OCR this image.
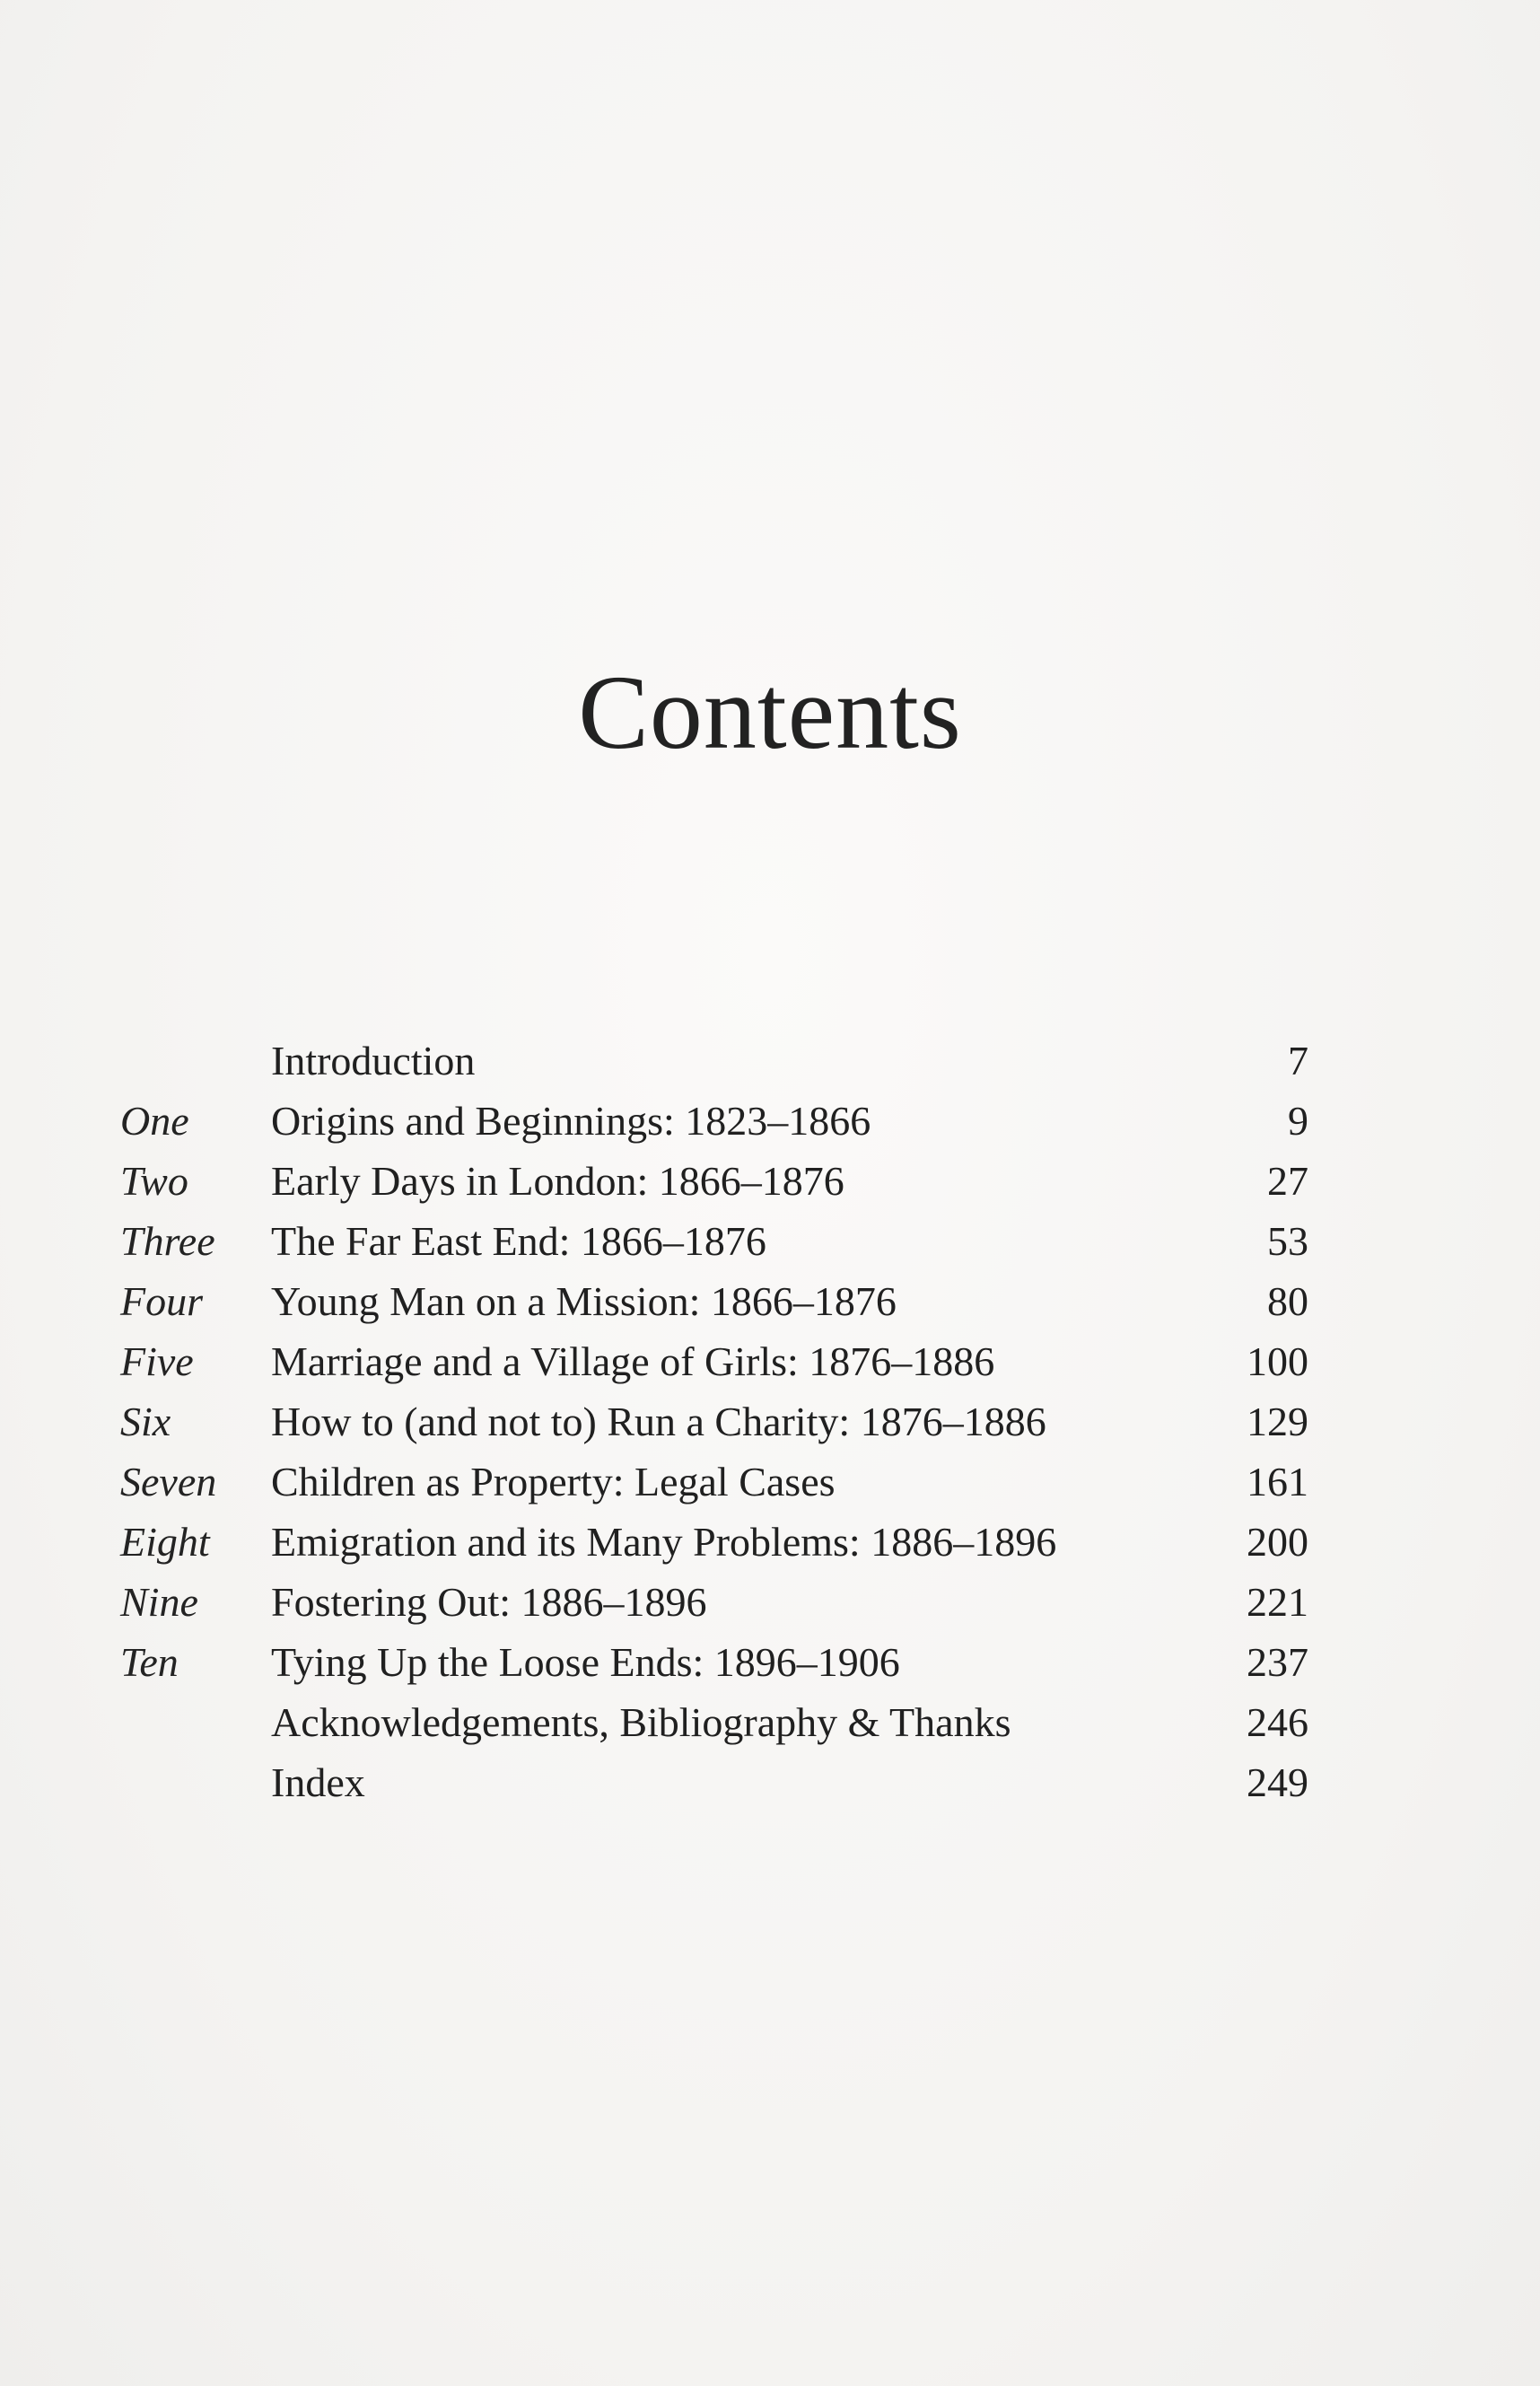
Contents
Introduction	7
One Origins and Beginnings: 1823–1866	9
Two Early Days in London: 1866–1876	27
Three The Far East End: 1866–1876	53
Four Young Man on a Mission: 1866–1876	80
Five Marriage and a Village of Girls: 1876–1886	100
Six How to (and not to) Run a Charity: 1876–1886	129
Seven Children as Property: Legal Cases	161
Eight Emigration and its Many Problems: 1886–1896	200
Nine Fostering Out: 1886–1896	221
Ten Tying Up the Loose Ends: 1896–1906	237
Acknowledgements, Bibliography & Thanks	246
Index	249
